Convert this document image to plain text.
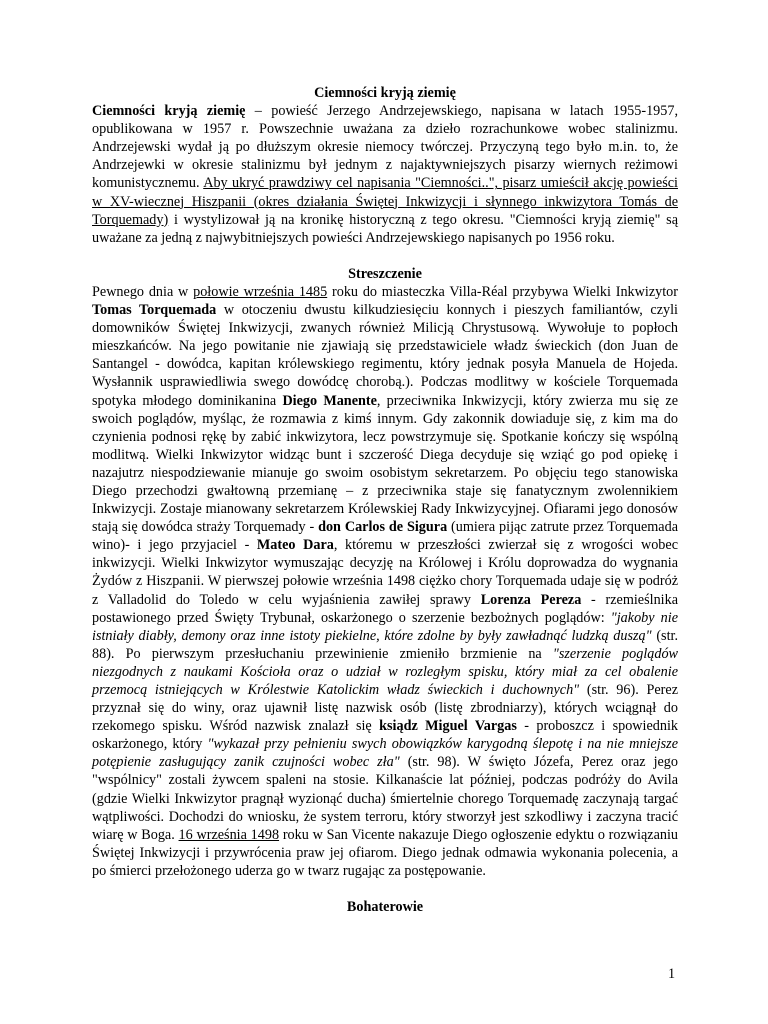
Ciemności kryją ziemię

Ciemności kryją ziemię – powieść Jerzego Andrzejewskiego, napisana w latach 1955-1957, opublikowana w 1957 r. Powszechnie uważana za dzieło rozrachunkowe wobec stalinizmu. Andrzejewski wydał ją po dłuższym okresie niemocy twórczej. Przyczyną tego było m.in. to, że Andrzejewki w okresie stalinizmu był jednym z najaktywniejszych pisarzy wiernych reżimowi komunistycznemu. Aby ukryć prawdziwy cel napisania "Ciemności..", pisarz umieścił akcję powieści w XV-wiecznej Hiszpanii (okres działania Świętej Inkwizycji i słynnego inkwizytora Tomás de Torquemady) i wystylizował ją na kronikę historyczną z tego okresu. "Ciemności kryją ziemię" są uważane za jedną z najwybitniejszych powieści Andrzejewskiego napisanych po 1956 roku.

Streszczenie

Pewnego dnia w połowie września 1485 roku do miasteczka Villa-Réal przybywa Wielki Inkwizytor Tomas Torquemada w otoczeniu dwustu kilkudziesięciu konnych i pieszych familiantów, czyli domowników Świętej Inkwizycji, zwanych również Milicją Chrystusową. Wywołuje to popłoch mieszkańców. Na jego powitanie nie zjawiają się przedstawiciele władz świeckich (don Juan de Santangel - dowódca, kapitan królewskiego regimentu, który jednak posyła Manuela de Hojeda. Wysłannik usprawiedliwia swego dowódcę chorobą.). Podczas modlitwy w kościele Torquemada spotyka młodego dominikanina Diego Manente, przeciwnika Inkwizycji, który zwierza mu się ze swoich poglądów, myśląc, że rozmawia z kimś innym. Gdy zakonnik dowiaduje się, z kim ma do czynienia podnosi rękę by zabić inkwizytora, lecz powstrzymuje się. Spotkanie kończy się wspólną modlitwą. Wielki Inkwizytor widząc bunt i szczerość Diega decyduje się wziąć go pod opiekę i nazajutrz niespodziewanie mianuje go swoim osobistym sekretarzem. Po objęciu tego stanowiska Diego przechodzi gwałtowną przemianę – z przeciwnika staje się fanatycznym zwolennikiem Inkwizycji. Zostaje mianowany sekretarzem Królewskiej Rady Inkwizycyjnej. Ofiarami jego donosów stają się dowódca straży Torquemady - don Carlos de Sigura (umiera pijąc zatrute przez Torquemada wino)- i jego przyjaciel - Mateo Dara, któremu w przeszłości zwierzał się z wrogości wobec inkwizycji. Wielki Inkwizytor wymuszając decyzję na Królowej i Królu doprowadza do wygnania Żydów z Hiszpanii. W pierwszej połowie września 1498 ciężko chory Torquemada udaje się w podróż z Valladolid do Toledo w celu wyjaśnienia zawiłej sprawy Lorenza Pereza - rzemieślnika postawionego przed Święty Trybunał, oskarżonego o szerzenie bezbożnych poglądów: "jakoby nie istniały diabły, demony oraz inne istoty piekielne, które zdolne by były zawładnąć ludzką duszą" (str. 88). Po pierwszym przesłuchaniu przewinienie zmieniło brzmienie na "szerzenie poglądów niezgodnych z naukami Kościoła oraz o udział w rozległym spisku, który miał za cel obalenie przemocą istniejących w Królestwie Katolickim władz świeckich i duchownych" (str. 96). Perez przyznał się do winy, oraz ujawnił listę nazwisk osób (listę zbrodniarzy), których wciągnął do rzekomego spisku. Wśród nazwisk znalazł się ksiądz Miguel Vargas - proboszcz i spowiednik oskarżonego, który "wykazał przy pełnieniu swych obowiązków karygodną ślepotę i na nie mniejsze potępienie zasługujący zanik czujności wobec zła" (str. 98). W święto Józefa, Perez oraz jego "wspólnicy" zostali żywcem spaleni na stosie. Kilkanaście lat później, podczas podróży do Avila (gdzie Wielki Inkwizytor pragnął wyzionąć ducha) śmiertelnie chorego Torquemadę zaczynają targać wątpliwości. Dochodzi do wniosku, że system terroru, który stworzył jest szkodliwy i zaczyna tracić wiarę w Boga. 16 września 1498 roku w San Vicente nakazuje Diego ogłoszenie edyktu o rozwiązaniu Świętej Inkwizycji i przywrócenia praw jej ofiarom. Diego jednak odmawia wykonania polecenia, a po śmierci przełożonego uderza go w twarz rugając za postępowanie.

Bohaterowie

1
